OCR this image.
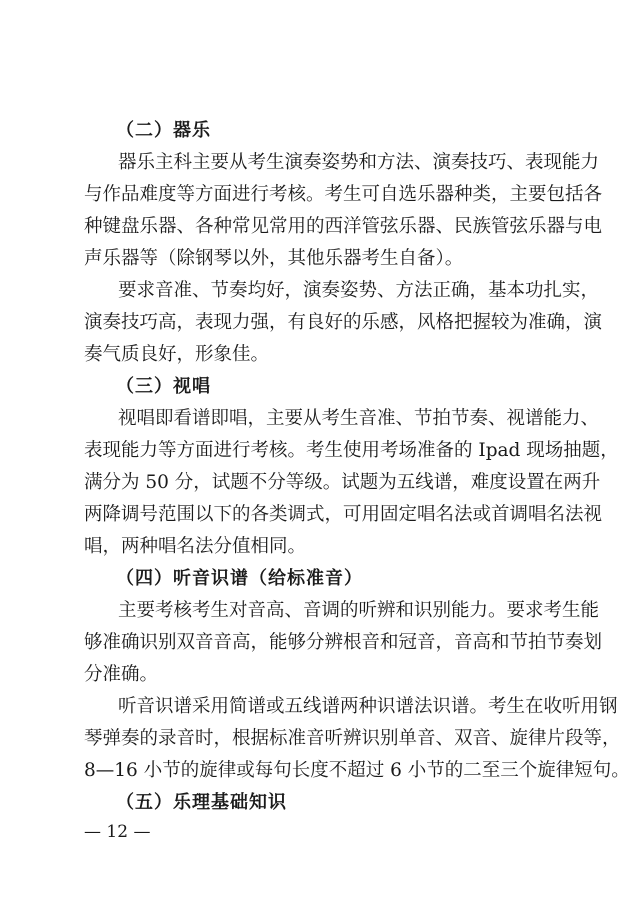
（二）器乐
器乐主科主要从考生演奏姿势和方法、演奏技巧、表现能力
与作品难度等方面进行考核。考生可自选乐器种类，主要包括各
种键盘乐器、各种常见常用的西洋管弦乐器、民族管弦乐器与电
声乐器等（除钢琴以外，其他乐器考生自备）。
要求音准、节奏均好，演奏姿势、方法正确，基本功扎实，
演奏技巧高，表现力强，有良好的乐感，风格把握较为准确，演
奏气质良好，形象佳。
（三）视唱
视唱即看谱即唱，主要从考生音准、节拍节奏、视谱能力、
表现能力等方面进行考核。考生使用考场准备的 Ipad 现场抽题，
满分为 50 分，试题不分等级。试题为五线谱，难度设置在两升
两降调号范围以下的各类调式，可用固定唱名法或首调唱名法视
唱，两种唱名法分值相同。
（四）听音识谱（给标准音）
主要考核考生对音高、音调的听辨和识别能力。要求考生能
够准确识别双音音高，能够分辨根音和冠音，音高和节拍节奏划
分准确。
听音识谱采用简谱或五线谱两种识谱法识谱。考生在收听用钢
琴弹奏的录音时，根据标准音听辨识别单音、双音、旋律片段等，
8—16 小节的旋律或每句长度不超过 6 小节的二至三个旋律短句。
（五）乐理基础知识
— 12 —
